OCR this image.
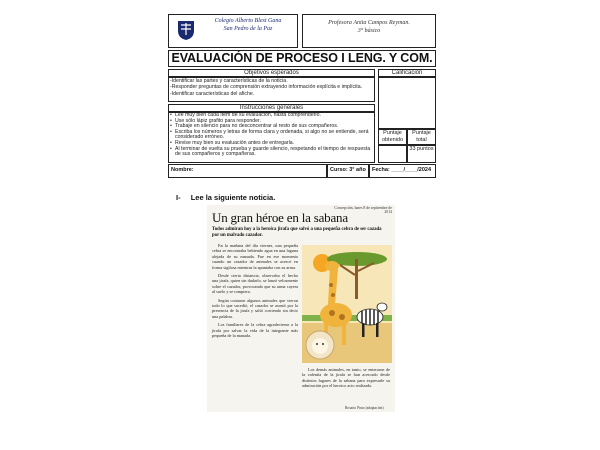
Colegio Alberto Blest Gana
San Pedro de la Paz
Profesora Anita Campos Reyman.
3° básico
EVALUACIÓN DE PROCESO I LENG. Y COM.
Objetivos esperados
-Identificar las partes y características de la noticia.
-Responder preguntas de comprensión extrayendo información explícita e implícita.
-Identificar características del afiche.
Calificación
Puntaje obtenido
Puntaje total
33 puntos
Instrucciones generales
• Lee muy bien cada ítem de su evaluación, hasta comprenderlo.
• Use sólo lápiz grafito para responder.
• Trabaje en silencio para no desconcentrar al resto de sus compañeros.
• Escriba los números y letras de forma clara y ordenada, si algo no se entiende, será considerado erróneo.
• Revise muy bien su evaluación antes de entregarla.
• Al terminar de vuelta su prueba y guarde silencio, respetando el tiempo de respuesta de sus compañeros y compañeras.
Nombre:	Curso: 3° año Fecha: ____/____/2024
I- Lee la siguiente noticia.
Concepción, lunes 8 de septiembre de 2014
Un gran héroe en la sabana
Todos admiran hoy a la heroica jirafa que salvó a una pequeña cebra de ser cazada por un malvado cazador.

En la mañana del día viernes, una pequeña cebra se encontraba bebiendo agua en una laguna alejada de su manada. Fue en ese momento cuando un cazador de animales se acercó en forma sigilosa mientras la apuntaba con su arma.

Desde cierta distancia, observaba el hecho una jirafa, quien sin dudarlo, se lanzó velozmente sobre el cazador, provocando que su arma cayera al suelo y se rompiera.

Según contaron algunos animales que vieron todo lo que sucedió, el cazador se asustó por la presencia de la jirafa y salió corriendo sin decir una palabra.

Los familiares de la cebra agradecieron a la jirafa por salvar la vida de la integrante más pequeña de la manada.

Los demás animales, en tanto, se enteraron de la valentía de la jirafa se han acercado desde distintos lugares de la sabana para expresarle su admiración por el heroico acto realizado.

Rosario Pinto (adaptación)
